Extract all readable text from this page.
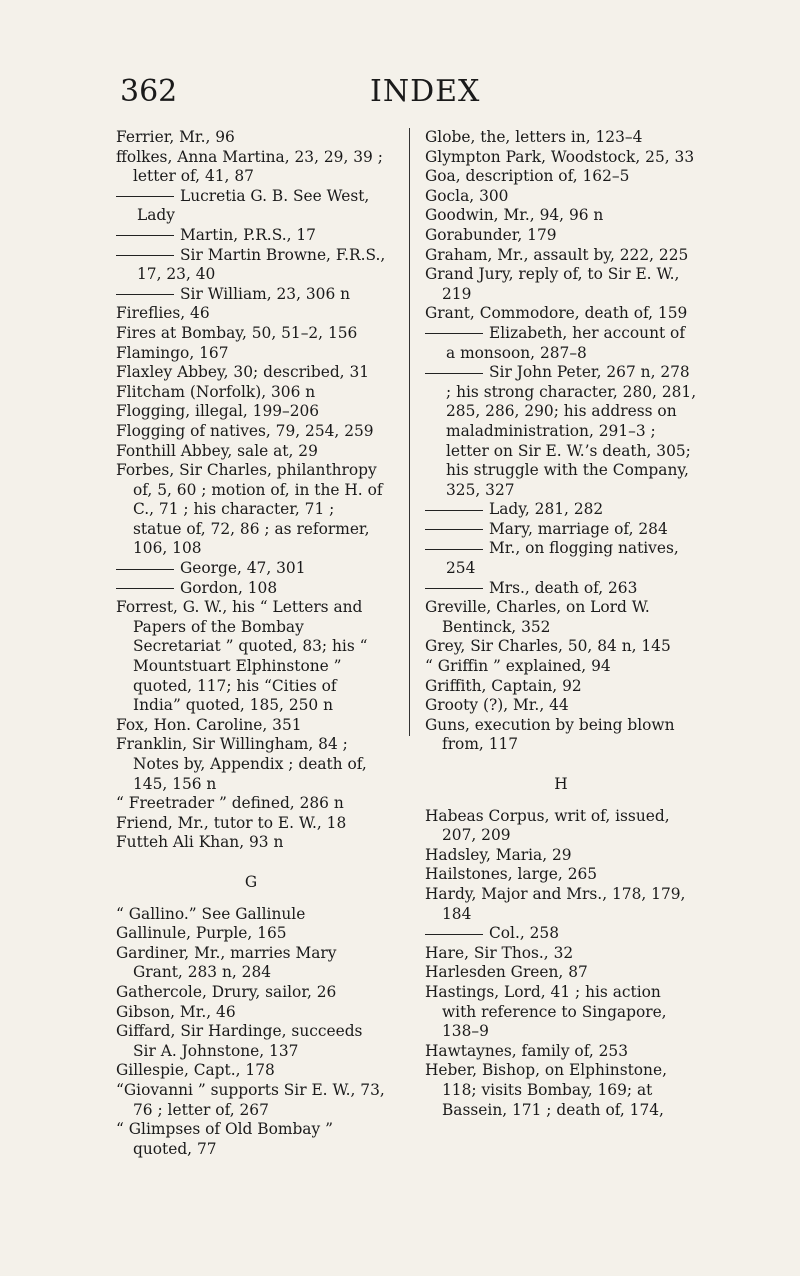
362	INDEX
Ferrier, Mr., 96
ffolkes, Anna Martina, 23, 29, 39 ; letter of, 41, 87
Lucretia G. B. See West, Lady
Martin, P.R.S., 17
Sir Martin Browne, F.R.S., 17, 23, 40
Sir William, 23, 306 n
Fireflies, 46
Fires at Bombay, 50, 51–2, 156
Flamingo, 167
Flaxley Abbey, 30; described, 31
Flitcham (Norfolk), 306 n
Flogging, illegal, 199–206
Flogging of natives, 79, 254, 259
Fonthill Abbey, sale at, 29
Forbes, Sir Charles, philanthropy of, 5, 60 ; motion of, in the H. of C., 71 ; his character, 71 ; statue of, 72, 86 ; as reformer, 106, 108
George, 47, 301
Gordon, 108
Forrest, G. W., his “ Letters and Papers of the Bombay Secretariat ” quoted, 83; his “ Mountstuart Elphinstone ” quoted, 117; his “Cities of India” quoted, 185, 250 n
Fox, Hon. Caroline, 351
Franklin, Sir Willingham, 84 ; Notes by, Appendix ; death of, 145, 156 n
“ Freetrader ” defined, 286 n
Friend, Mr., tutor to E. W., 18
Futteh Ali Khan, 93 n
G
“ Gallino.” See Gallinule
Gallinule, Purple, 165
Gardiner, Mr., marries Mary Grant, 283 n, 284
Gathercole, Drury, sailor, 26
Gibson, Mr., 46
Giffard, Sir Hardinge, succeeds Sir A. Johnstone, 137
Gillespie, Capt., 178
“Giovanni ” supports Sir E. W., 73, 76 ; letter of, 267
“ Glimpses of Old Bombay ” quoted, 77
Globe, the, letters in, 123–4
Glympton Park, Woodstock, 25, 33
Goa, description of, 162–5
Gocla, 300
Goodwin, Mr., 94, 96 n
Gorabunder, 179
Graham, Mr., assault by, 222, 225
Grand Jury, reply of, to Sir E. W., 219
Grant, Commodore, death of, 159
Elizabeth, her account of a monsoon, 287–8
Sir John Peter, 267 n, 278 ; his strong character, 280, 281, 285, 286, 290; his address on maladministration, 291–3 ; letter on Sir E. W.’s death, 305; his struggle with the Company, 325, 327
Lady, 281, 282
Mary, marriage of, 284
Mr., on flogging natives, 254
Mrs., death of, 263
Greville, Charles, on Lord W. Bentinck, 352
Grey, Sir Charles, 50, 84 n, 145
“ Griffin ” explained, 94
Griffith, Captain, 92
Grooty (?), Mr., 44
Guns, execution by being blown from, 117
H
Habeas Corpus, writ of, issued, 207, 209
Hadsley, Maria, 29
Hailstones, large, 265
Hardy, Major and Mrs., 178, 179, 184
Col., 258
Hare, Sir Thos., 32
Harlesden Green, 87
Hastings, Lord, 41 ; his action with reference to Singapore, 138–9
Hawtaynes, family of, 253
Heber, Bishop, on Elphinstone, 118; visits Bombay, 169; at Bassein, 171 ; death of, 174,
